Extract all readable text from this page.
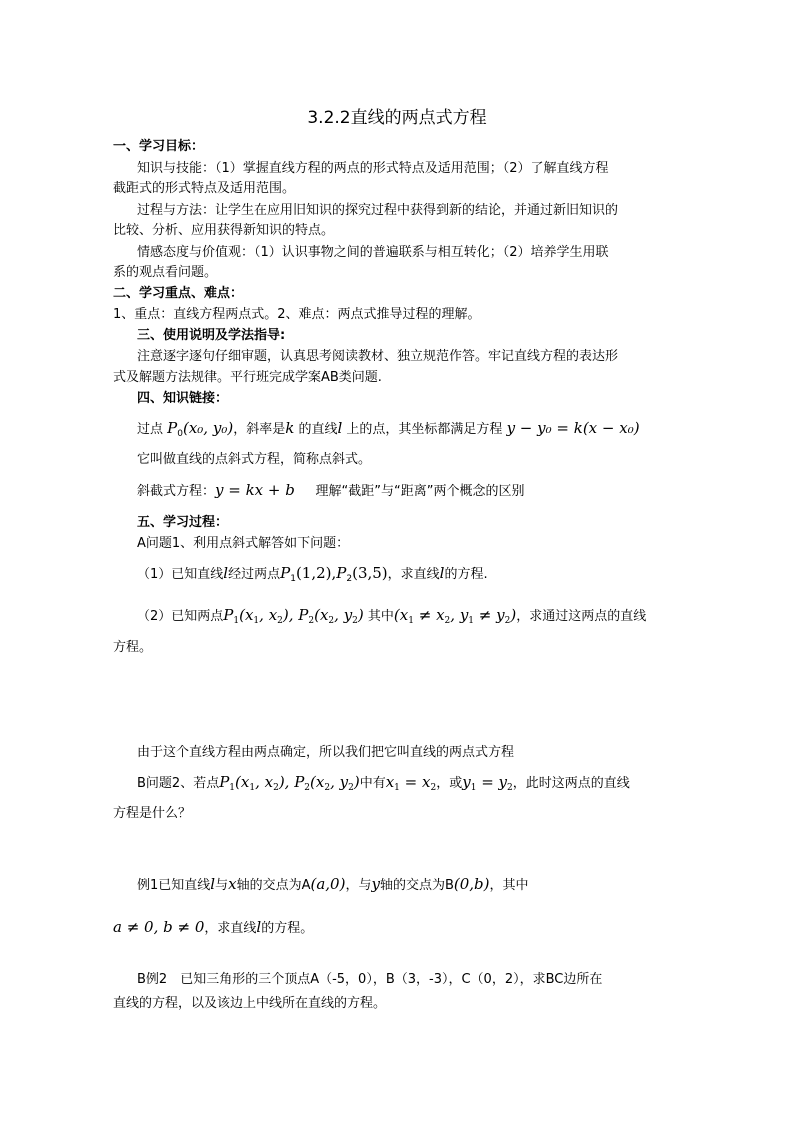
3.2.2直线的两点式方程
一、学习目标：
知识与技能：（1）掌握直线方程的两点的形式特点及适用范围；（2）了解直线方程
截距式的形式特点及适用范围。
过程与方法：让学生在应用旧知识的探究过程中获得到新的结论，并通过新旧知识的
比较、分析、应用获得新知识的特点。
情感态度与价值观：（1）认识事物之间的普遍联系与相互转化；（2）培养学生用联
系的观点看问题。
二、学习重点、难点：
1、重点：直线方程两点式。2、难点：两点式推导过程的理解。
三、使用说明及学法指导:
注意逐字逐句仔细审题，认真思考阅读教材、独立规范作答。牢记直线方程的表达形
式及解题方法规律。平行班完成学案AB类问题.
四、知识链接：
过点 $P_0(x_0$, y₀)，斜率是k 的直线l 上的点，其坐标都满足方程 y − y₀ = k(x − x₀)
它叫做直线的点斜式方程，简称点斜式。
斜截式方程：y = kx + b 理解“截距”与“距离”两个概念的区别
五、学习过程：
A问题1、利用点斜式解答如下问题：
（1）已知直线l经过两点$P_1(1,2),P_2(3,5)$，求直线l的方程.
（2）已知两点$P_1(x_1$, $x_2$), $P_2(x_2$, $y_2$) 其中($x_1 \ne x_2$, $y_1 \ne y_2$)，求通过这两点的直线
方程。
由于这个直线方程由两点确定，所以我们把它叫直线的两点式方程
B问题2、若点$P_1(x_1$, $x_2$), $P_2(x_2$, $y_2$)中有$x_1 = x_2$，或$y_1 = y_2$，此时这两点的直线
方程是什么？
例1已知直线l与x轴的交点为A(a,0)，与y轴的交点为B(0,b)，其中
a ≠ 0, b ≠ 0，求直线l的方程。
B例2　已知三角形的三个顶点A（-5，0），B（3，-3），C（0，2），求BC边所在
直线的方程，以及该边上中线所在直线的方程。
